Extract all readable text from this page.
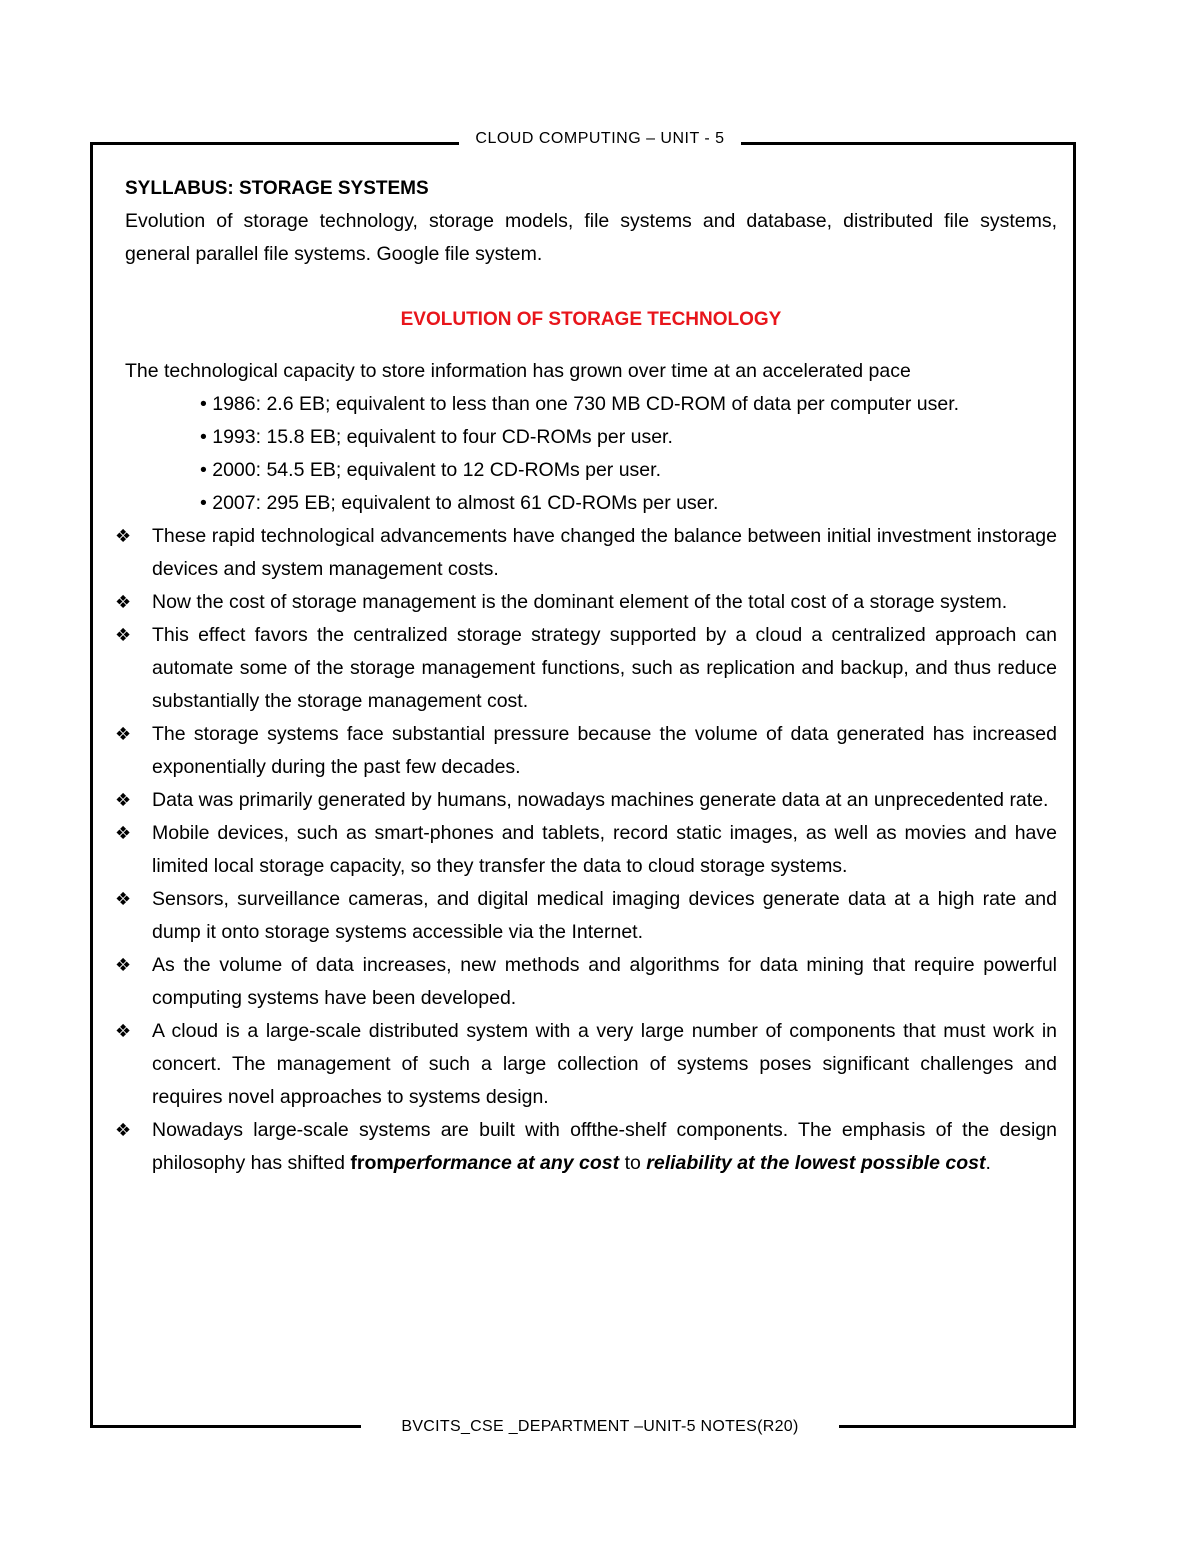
CLOUD COMPUTING – UNIT - 5

SYLLABUS: STORAGE SYSTEMS

Evolution of storage technology, storage models, file systems and database, distributed file systems, general parallel file systems. Google file system.

EVOLUTION OF STORAGE TECHNOLOGY

The technological capacity to store information has grown over time at an accelerated pace

• 1986: 2.6 EB; equivalent to less than one 730 MB CD-ROM of data per computer user.
• 1993: 15.8 EB; equivalent to four CD-ROMs per user.
• 2000: 54.5 EB; equivalent to 12 CD-ROMs per user.
• 2007: 295 EB; equivalent to almost 61 CD-ROMs per user.
❖ These rapid technological advancements have changed the balance between initial investment instorage devices and system management costs.
❖ Now the cost of storage management is the dominant element of the total cost of a storage system.
❖ This effect favors the centralized storage strategy supported by a cloud a centralized approach can automate some of the storage management functions, such as replication and backup, and thus reduce substantially the storage management cost.
❖ The storage systems face substantial pressure because the volume of data generated has increased exponentially during the past few decades.
❖ Data was primarily generated by humans, nowadays machines generate data at an unprecedented rate.
❖ Mobile devices, such as smart-phones and tablets, record static images, as well as movies and have limited local storage capacity, so they transfer the data to cloud storage systems.
❖ Sensors, surveillance cameras, and digital medical imaging devices generate data at a high rate and dump it onto storage systems accessible via the Internet.
❖ As the volume of data increases, new methods and algorithms for data mining that require powerful computing systems have been developed.
❖ A cloud is a large-scale distributed system with a very large number of components that must work in concert. The management of such a large collection of systems poses significant challenges and requires novel approaches to systems design.
❖ Nowadays large-scale systems are built with offthe-shelf components. The emphasis of the design philosophy has shifted fromperformance at any cost to reliability at the lowest possible cost.
BVCITS_CSE _DEPARTMENT –UNIT-5 NOTES(R20)
